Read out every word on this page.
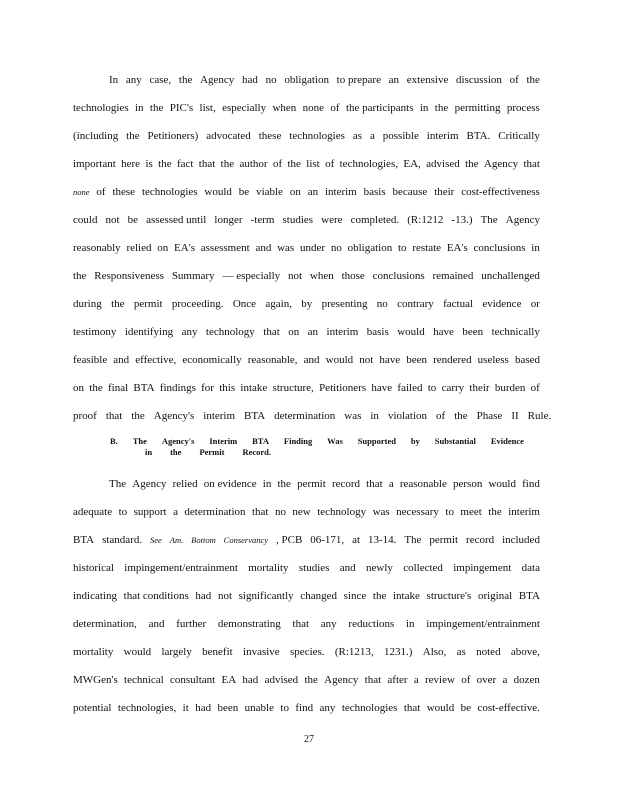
In any case, the Agency had no obligation to prepare an extensive discussion of the
technologies in the PIC's list, especially when none of the participants in the permitting process
(including the Petitioners) advocated these technologies as a possible interim BTA. Critically
important here is the fact that the author of the list of technologies, EA, advised the Agency that
none of these technologies would be viable on an interim basis because their cost-effectiveness
could not be assessed until longer -term studies were completed. (R:1212 -13.) The Agency
reasonably relied on EA's assessment and was under no obligation to restate EA's conclusions in
the Responsiveness Summary — especially not when those conclusions remained unchallenged
during the permit proceeding. Once again, by presenting no contrary factual evidence or
testimony identifying any technology that on an interim basis would have been technically
feasible and effective, economically reasonable, and would not have been rendered useless based
on the final BTA findings for this intake structure, Petitioners have failed to carry their burden of
proof that the Agency's interim BTA determination was in violation of the Phase II Rule.
B. The Agency's Interim BTA Finding Was Supported by Substantial Evidence
in the Permit Record.
The Agency relied on evidence in the permit record that a reasonable person would find
adequate to support a determination that no new technology was necessary to meet the interim
BTA standard. See Am. Bottom Conservancy , PCB 06-171, at 13-14. The permit record included
historical impingement/entrainment mortality studies and newly collected impingement data
indicating that conditions had not significantly changed since the intake structure's original BTA
determination, and further demonstrating that any reductions in impingement/entrainment
mortality would largely benefit invasive species. (R:1213, 1231.) Also, as noted above,
MWGen's technical consultant EA had advised the Agency that after a review of over a dozen
potential technologies, it had been unable to find any technologies that would be cost-effective.
27
